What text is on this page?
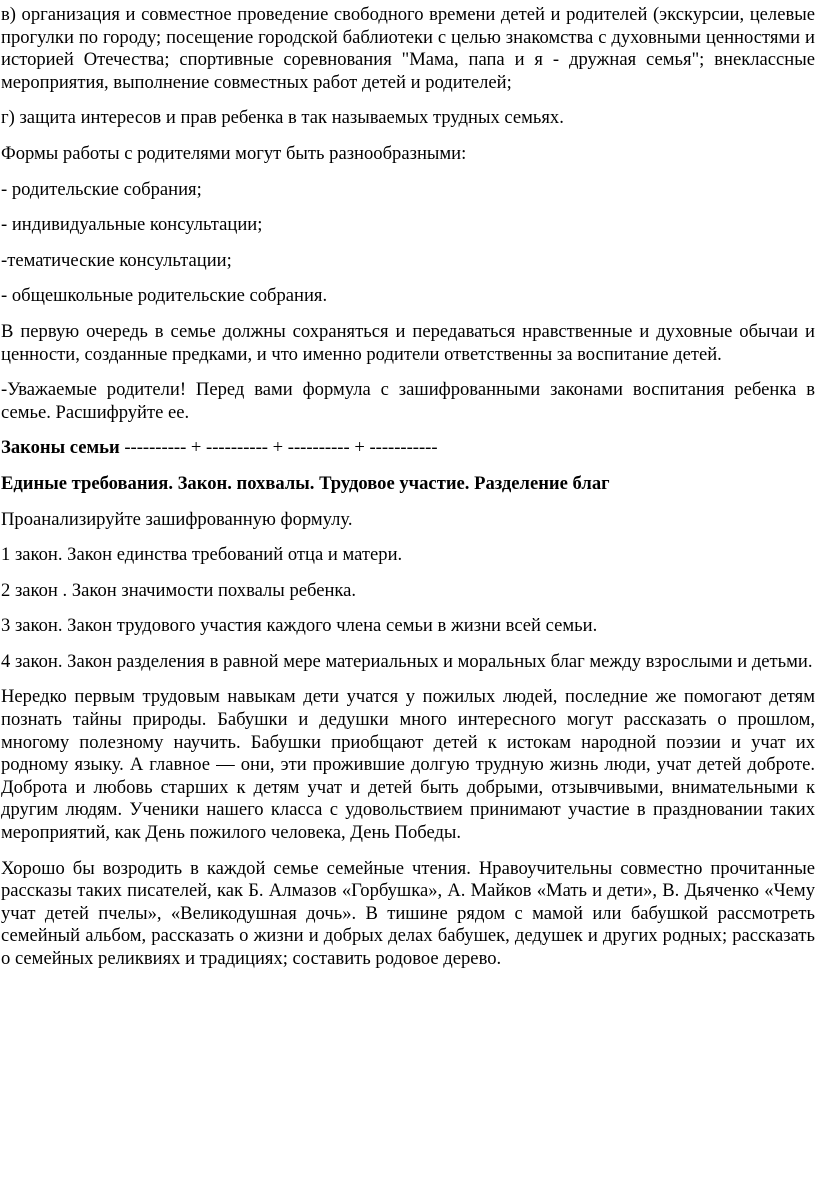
в) организация и совместное проведение свободного времени детей и родителей (экскурсии, целевые прогулки по городу; посещение городской баблиотеки с целью знакомства с духовными ценностями и историей Отечества; спортивные соревнования "Мама, папа и я - дружная семья"; внеклассные мероприятия, выполнение совместных работ детей и родителей;

г) защита интересов и прав ребенка в так называемых трудных семьях.

Формы работы с родителями могут быть разнообразными:

- родительские собрания;

- индивидуальные консультации;

-тематические консультации;

- общешкольные родительские собрания.

В первую очередь в семье должны сохраняться и передаваться нравственные и духовные обычаи и ценности, созданные предками, и что именно родители ответственны за воспитание детей.

-Уважаемые родители! Перед вами формула с зашифрованными законами воспитания ребенка в семье. Расшифруйте ее.

Законы семьи ---------- + ---------- + ---------- + -----------

Единые требования. Закон. похвалы. Трудовое участие. Разделение благ

Проанализируйте зашифрованную формулу.

1 закон. Закон единства требований отца и матери.

2 закон . Закон значимости похвалы ребенка.

3 закон. Закон трудового участия каждого члена семьи в жизни всей семьи.

4 закон. Закон разделения в равной мере материальных и моральных благ между взрослыми и детьми.

Нередко первым трудовым навыкам дети учатся у пожилых людей, последние же помогают детям познать тайны природы. Бабушки и дедушки много интересного могут рассказать о прошлом, многому полезному научить. Бабушки приобщают детей к истокам народной поэзии и учат их родному языку. А главное — они, эти прожившие долгую трудную жизнь люди, учат детей доброте. Доброта и любовь старших к детям учат и детей быть добрыми, отзывчивыми, внимательными к другим людям. Ученики нашего класса с удовольствием принимают участие в праздновании таких мероприятий, как День пожилого человека, День Победы.

Хорошо бы возродить в каждой семье семейные чтения. Нравоучительны совместно прочитанные рассказы таких писателей, как Б. Алмазов «Горбушка», А. Майков «Мать и дети», В. Дьяченко «Чему учат детей пчелы», «Великодушная дочь». В тишине рядом с мамой или бабушкой рассмотреть семейный альбом, рассказать о жизни и добрых делах бабушек, дедушек и других родных; рассказать о семейных реликвиях и традициях; составить родовое дерево.
